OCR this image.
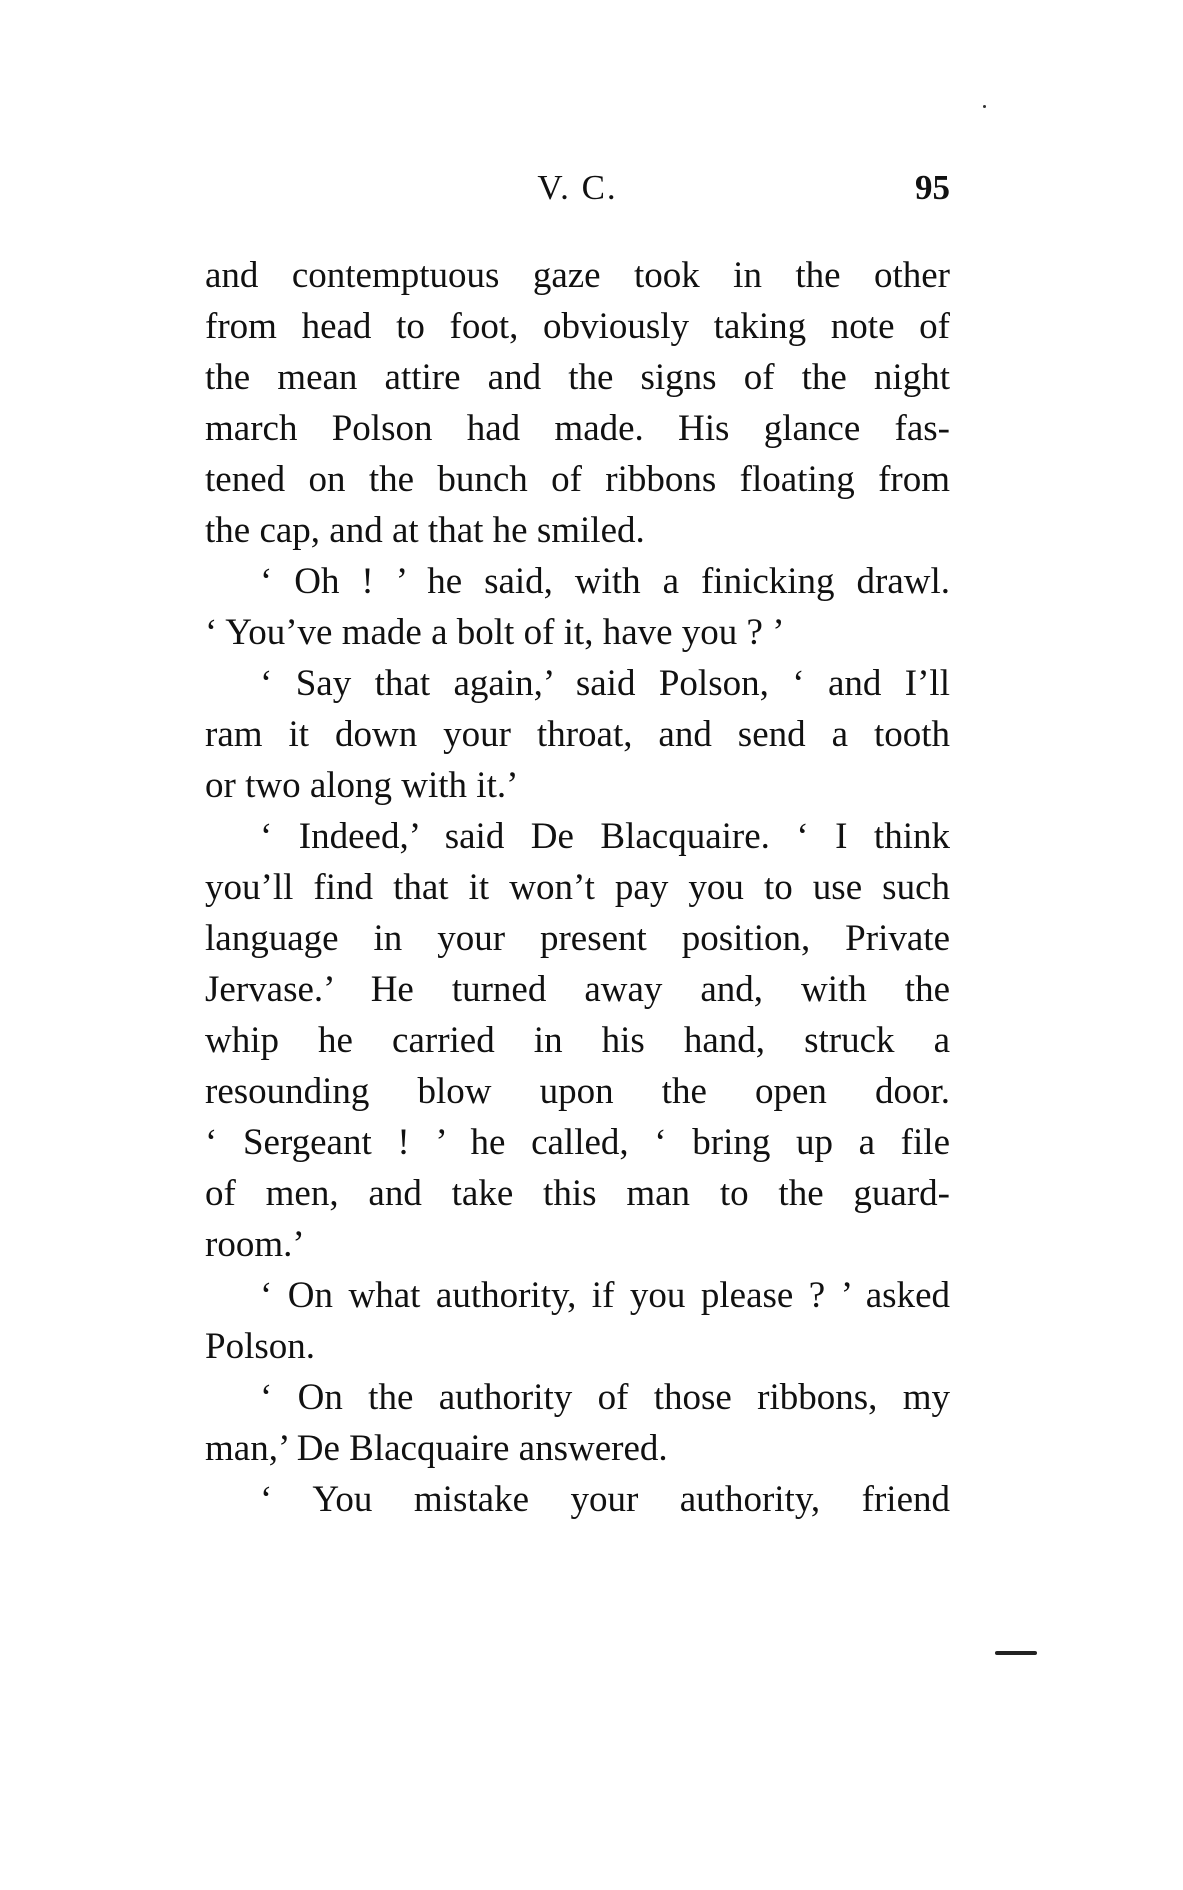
V. C.	95
and contemptuous gaze took in the other
from head to foot, obviously taking note of
the mean attire and the signs of the night
march Polson had made. His glance fas-
tened on the bunch of ribbons floating from
the cap, and at that he smiled.
‘ Oh ! ’ he said, with a finicking drawl.
‘ You’ve made a bolt of it, have you ? ’
‘ Say that again,’ said Polson, ‘ and I’ll
ram it down your throat, and send a tooth
or two along with it.’
‘ Indeed,’ said De Blacquaire. ‘ I think
you’ll find that it won’t pay you to use such
language in your present position, Private
Jervase.’ He turned away and, with the
whip he carried in his hand, struck a
resounding blow upon the open door.
‘ Sergeant ! ’ he called, ‘ bring up a file
of men, and take this man to the guard-
room.’
‘ On what authority, if you please ? ’ asked
Polson.
‘ On the authority of those ribbons, my
man,’ De Blacquaire answered.
‘ You mistake your authority, friend
